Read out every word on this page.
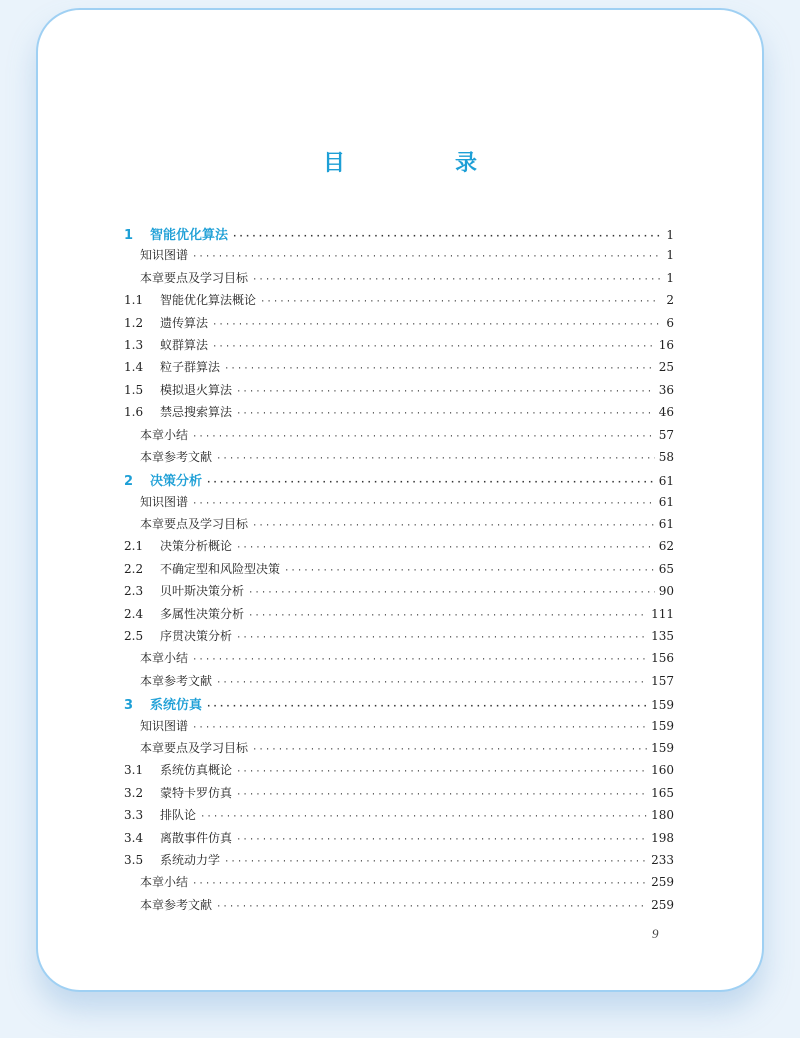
目　录
1	智能优化算法 ·····	1
知识图谱 ·····	1
本章要点及学习目标 ·····	1
1.1	智能优化算法概论 ·····	2
1.2	遗传算法 ·····	6
1.3	蚁群算法 ·····	16
1.4	粒子群算法 ·····	25
1.5	模拟退火算法 ·····	36
1.6	禁忌搜索算法 ·····	46
本章小结 ·····	57
本章参考文献 ·····	58
2	决策分析 ·····	61
知识图谱 ·····	61
本章要点及学习目标 ·····	61
2.1	决策分析概论 ·····	62
2.2	不确定型和风险型决策 ·····	65
2.3	贝叶斯决策分析 ·····	90
2.4	多属性决策分析 ·····	111
2.5	序贯决策分析 ·····	135
本章小结 ·····	156
本章参考文献 ·····	157
3	系统仿真 ·····	159
知识图谱 ·····	159
本章要点及学习目标 ·····	159
3.1	系统仿真概论 ·····	160
3.2	蒙特卡罗仿真 ·····	165
3.3	排队论 ·····	180
3.4	离散事件仿真 ·····	198
3.5	系统动力学 ·····	233
本章小结 ·····	259
本章参考文献 ·····	259
9
